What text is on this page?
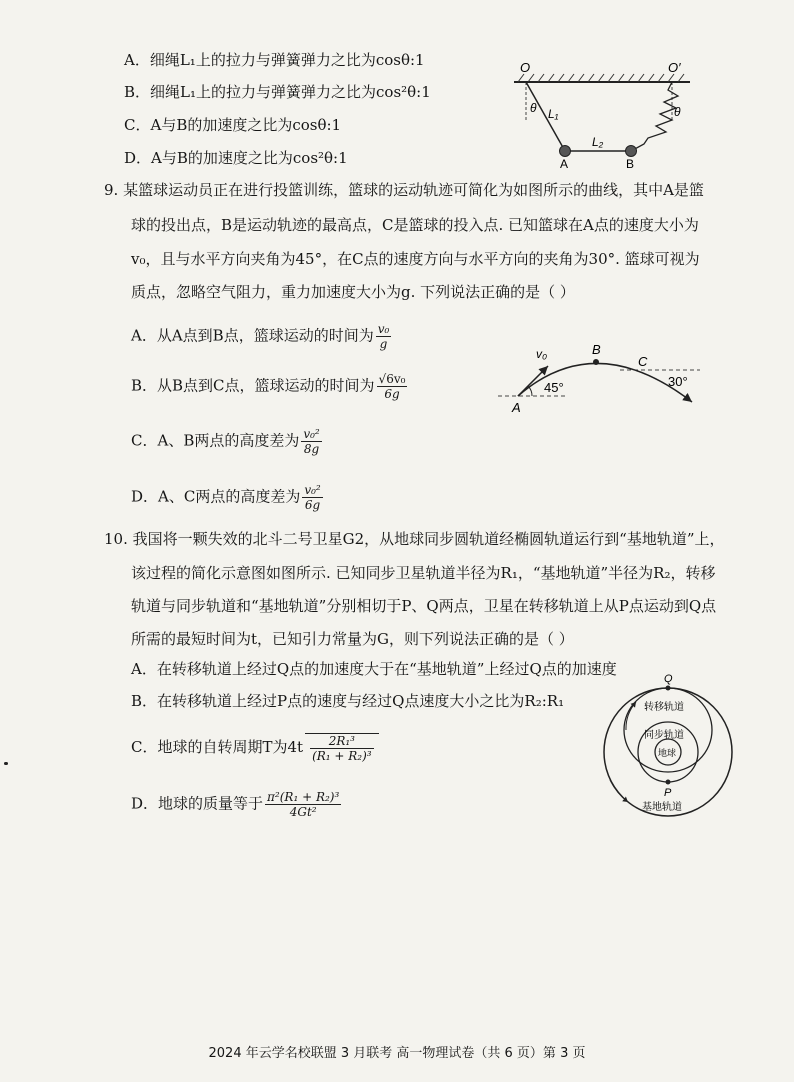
A．细绳L₁上的拉力与弹簧弹力之比为cosθ:1
B．细绳L₁上的拉力与弹簧弹力之比为cos²θ:1
C．A与B的加速度之比为cosθ:1
D．A与B的加速度之比为cos²θ:1
O	O′
θ	θ
L₁
L₂
A	B
9. 某篮球运动员正在进行投篮训练，篮球的运动轨迹可简化为如图所示的曲线，其中A是篮
球的投出点，B是运动轨迹的最高点，C是篮球的投入点. 已知篮球在A点的速度大小为
v₀，且与水平方向夹角为45°，在C点的速度方向与水平方向的夹角为30°. 篮球可视为
质点，忽略空气阻力，重力加速度大小为g. 下列说法正确的是（ ）
A．从A点到B点，篮球运动的时间为 $\frac{\text{v₀}}{g}$
B．从B点到C点，篮球运动的时间为 $\frac{\text{√6v₀}}{6g}$
C．A、B两点的高度差为 $\frac{\text{v₀²}}{8g}$
D．A、C两点的高度差为 $\frac{\text{v₀²}}{6g}$
v₀	B
C
A
45°	30°
10. 我国将一颗失效的北斗二号卫星G2，从地球同步圆轨道经椭圆轨道运行到“基地轨道”上，
该过程的简化示意图如图所示. 已知同步卫星轨道半径为R₁，“基地轨道”半径为R₂，转移
轨道与同步轨道和“基地轨道”分别相切于P、Q两点，卫星在转移轨道上从P点运动到Q点
所需的最短时间为t，已知引力常量为G，则下列说法正确的是（ ）
A．在转移轨道上经过Q点的加速度大于在“基地轨道”上经过Q点的加速度
B．在转移轨道上经过P点的速度与经过Q点速度大小之比为R₂:R₁
C．地球的自转周期T为$4t \frac{\text{2R₁³}}{\text{(R₁ + R₂)³}}$
D．地球的质量等于 $\frac{\text{π²(R₁ + R₂)³}}{\text{4Gt²}}$
Q
P
转移轨道
同步轨道
地球
基地轨道
2024 年云学名校联盟 3 月联考 高一物理试卷（共 6 页）第 3 页
